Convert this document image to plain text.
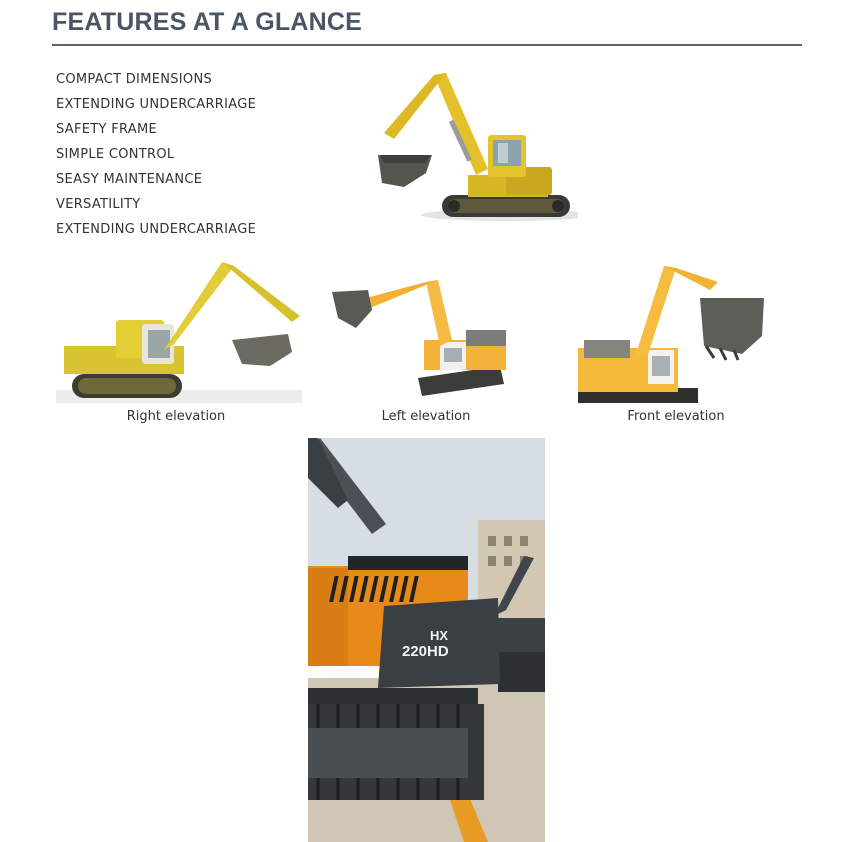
FEATURES AT A GLANCE
COMPACT DIMENSIONS
EXTENDING UNDERCARRIAGE
SAFETY FRAME
SIMPLE CONTROL
SEASY MAINTENANCE
VERSATILITY
EXTENDING UNDERCARRIAGE
Right elevation	Left elevation	Front elevation
HX
220HD
